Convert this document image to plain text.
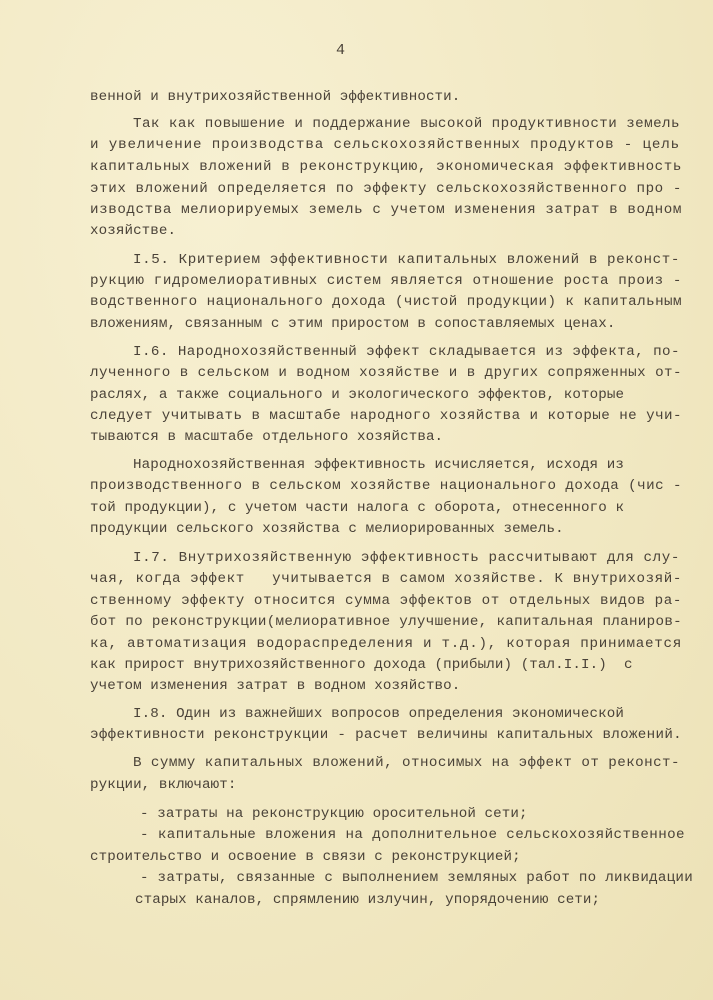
4
венной и внутрихозяйственной эффективности.
Так как повышение и поддержание высокой продуктивности земель
и увеличение производства сельскохозяйственных продуктов - цель
капитальных вложений в реконструкцию, экономическая эффективность
этих вложений определяется по эффекту сельскохозяйственного про -
изводства мелиорируемых земель с учетом изменения затрат в водном
хозяйстве.
I.5. Критерием эффективности капитальных вложений в реконст-
рукцию гидромелиоративных систем является отношение роста произ -
водственного национального дохода (чистой продукции) к капитальным
вложениям, связанным с этим приростом в сопоставляемых ценах.
I.6. Народнохозяйственный эффект складывается из эффекта, по-
лученного в сельском и водном хозяйстве и в других сопряженных от-
раслях, а также социального и экологического эффектов, которые
следует учитывать в масштабе народного хозяйства и которые не учи-
тываются в масштабе отдельного хозяйства.
Народнохозяйственная эффективность исчисляется, исходя из
производственного в сельском хозяйстве национального дохода (чис -
той продукции), с учетом части налога с оборота, отнесенного к
продукции сельского хозяйства с мелиорированных земель.
I.7. Внутрихозяйственную эффективность рассчитывают для слу-
чая, когда эффект   учитывается в самом хозяйстве. К внутрихозяй-
ственному эффекту относится сумма эффектов от отдельных видов ра-
бот по реконструкции(мелиоративное улучшение, капитальная планиров-
ка, автоматизация водораспределения и т.д.), которая принимается
как прирост внутрихозяйственного дохода (прибыли) (тал.I.I.)  с
учетом изменения затрат в водном хозяйство.
I.8. Один из важнейших вопросов определения экономической
эффективности реконструкции - расчет величины капитальных вложений.
В сумму капитальных вложений, относимых на эффект от реконст-
рукции, включают:
- затраты на реконструкцию оросительной сети;
- капитальные вложения на дополнительное сельскохозяйственное
строительство и освоение в связи с реконструкцией;
- затраты, связанные с выполнением земляных работ по ликвидации
старых каналов, спрямлению излучин, упорядочению сети;
